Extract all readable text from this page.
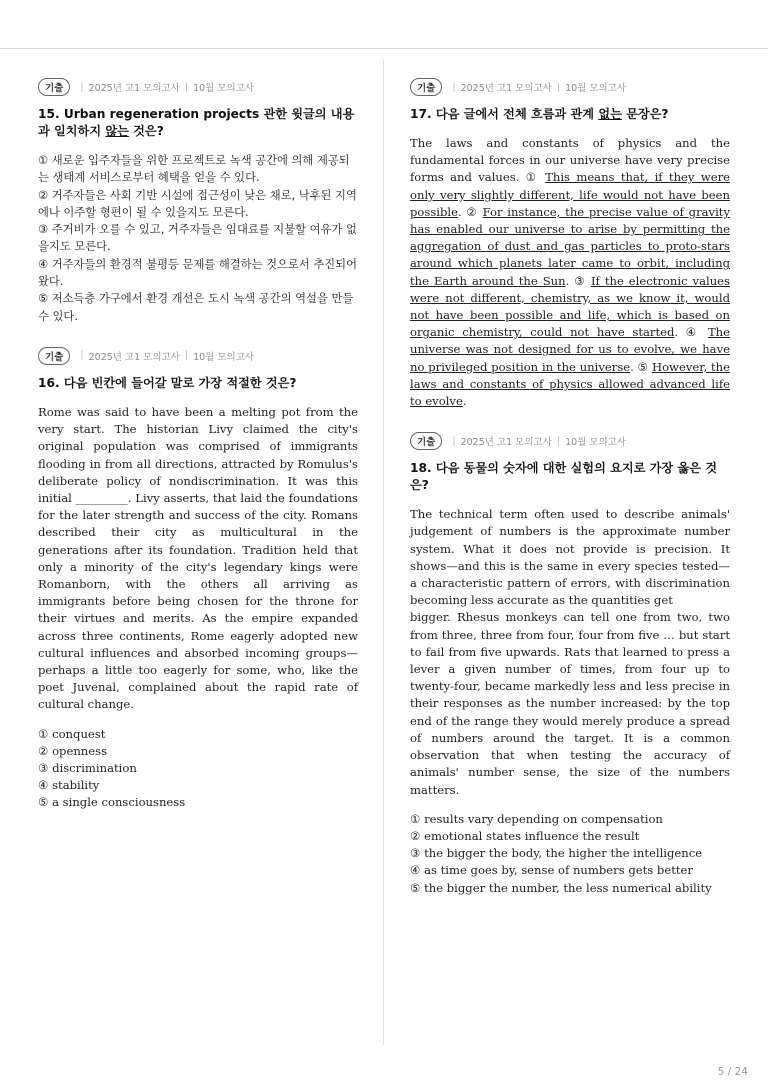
기출	| 2025년 고1 모의고사 | 10월 모의고사

15. Urban regeneration projects 관한 윗글의 내용과 일치하지 않는 것은?

① 새로운 입주자들을 위한 프로젝트로 녹색 공간에 의해 제공되는 생태계 서비스로부터 혜택을 얻을 수 있다.

② 거주자들은 사회 기반 시설에 접근성이 낮은 채로, 낙후된 지역에나 이주할 형편이 될 수 있을지도 모른다.

③ 주거비가 오를 수 있고, 거주자들은 임대료를 지불할 여유가 없을지도 모른다.

④ 거주자들의 환경적 불평등 문제를 해결하는 것으로서 추진되어 왔다.

⑤ 저소득층 가구에서 환경 개선은 도시 녹색 공간의 역설을 만들 수 있다.

기출	| 2025년 고1 모의고사 | 10월 모의고사

16. 다음 빈칸에 들어갈 말로 가장 적절한 것은?

Rome was said to have been a melting pot from the very start. The historian Livy claimed the city's original population was comprised of immigrants flooding in from all directions, attracted by Romulus's deliberate policy of nondiscrimination. It was this initial _________. Livy asserts, that laid the foundations for the later strength and success of the city. Romans described their city as multicultural in the generations after its foundation. Tradition held that only a minority of the city's legendary kings were Romanborn, with the others all arriving as immigrants before being chosen for the throne for their virtues and merits. As the empire expanded across three continents, Rome eagerly adopted new cultural influences and absorbed incoming groups— perhaps a little too eagerly for some, who, like the poet Juvenal, complained about the rapid rate of cultural change.

① conquest

② openness

③ discrimination

④ stability

⑤ a single consciousness

기출	| 2025년 고1 모의고사 | 10월 모의고사

17. 다음 글에서 전체 흐름과 관계 없는 문장은?

The laws and constants of physics and the fundamental forces in our universe have very precise forms and values. ① This means that, if they were only very slightly different, life would not have been possible. ② For instance, the precise value of gravity has enabled our universe to arise by permitting the aggregation of dust and gas particles to proto-stars around which planets later came to orbit, including the Earth around the Sun. ③ If the electronic values were not different, chemistry, as we know it, would not have been possible and life, which is based on organic chemistry, could not have started. ④ The universe was not designed for us to evolve, we have no privileged position in the universe. ⑤ However, the laws and constants of physics allowed advanced life to evolve.

기출	| 2025년 고1 모의고사 | 10월 모의고사

18. 다음 동물의 숫자에 대한 실험의 요지로 가장 옳은 것은?

The technical term often used to describe animals' judgement of numbers is the approximate number system. What it does not provide is precision. It shows—and this is the same in every species tested—a characteristic pattern of errors, with discrimination becoming less accurate as the quantities get
bigger. Rhesus monkeys can tell one from two, two from three, three from four, four from five … but start to fail from five upwards. Rats that learned to press a lever a given number of times, from four up to twenty-four, became markedly less and less precise in their responses as the number increased: by the top end of the range they would merely produce a spread of numbers around the target. It is a common observation that when testing the accuracy of animals' number sense, the size of the numbers matters.

① results vary depending on compensation

② emotional states influence the result

③ the bigger the body, the higher the intelligence

④ as time goes by, sense of numbers gets better

⑤ the bigger the number, the less numerical ability

5 / 24
